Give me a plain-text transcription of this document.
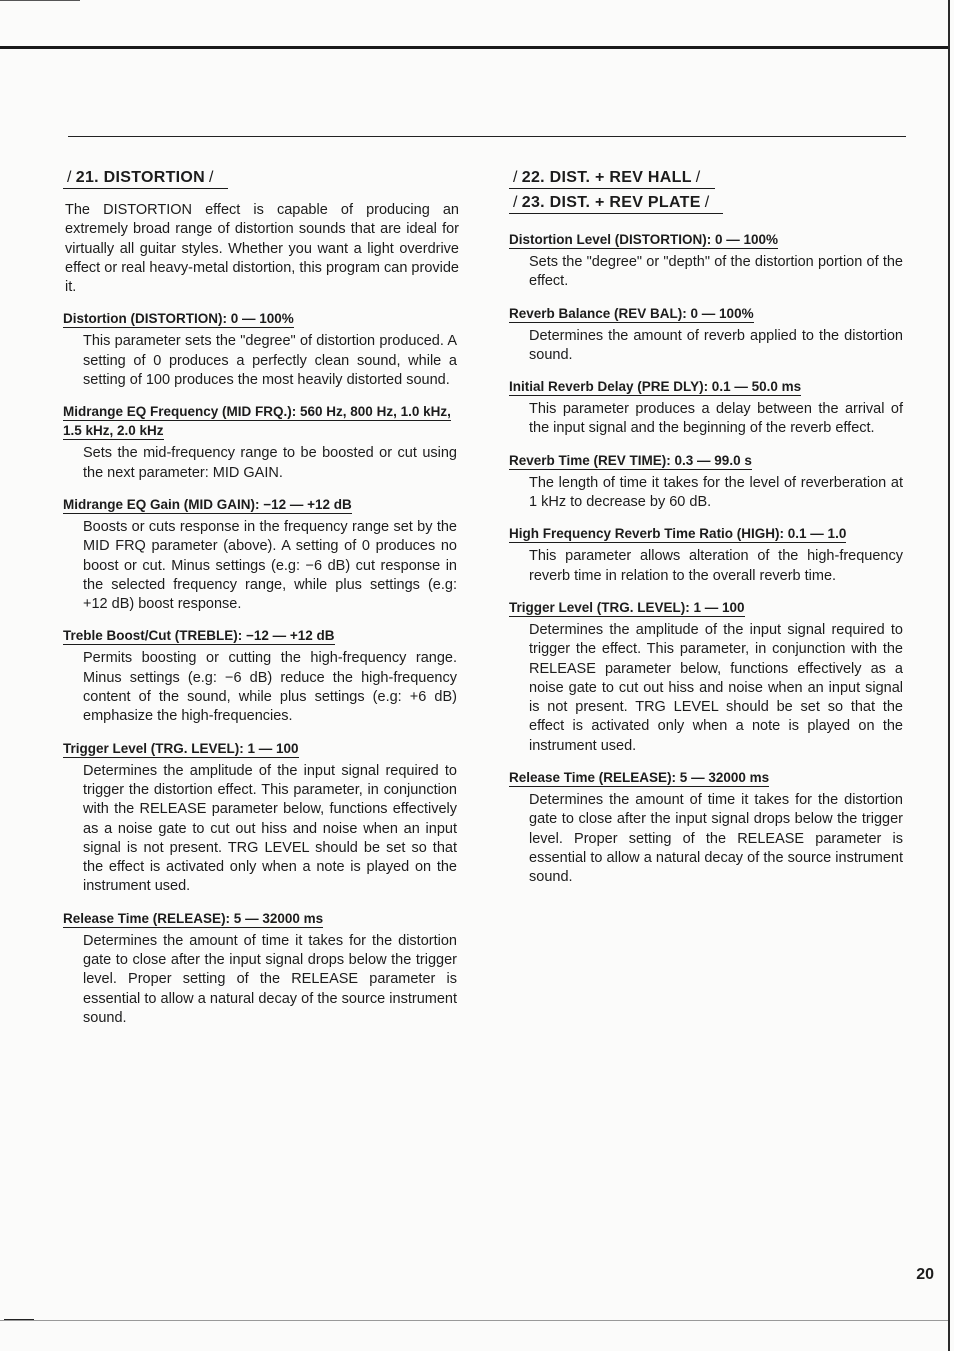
/ 21. DISTORTION /
The DISTORTION effect is capable of producing an extremely broad range of distortion sounds that are ideal for virtually all guitar styles. Whether you want a light overdrive effect or real heavy-metal distortion, this program can provide it.
Distortion (DISTORTION): 0 — 100%
This parameter sets the "degree" of distortion produced. A setting of 0 produces a perfectly clean sound, while a setting of 100 produces the most heavily distorted sound.
Midrange EQ Frequency (MID FRQ.): 560 Hz, 800 Hz, 1.0 kHz, 1.5 kHz, 2.0 kHz
Sets the mid-frequency range to be boosted or cut using the next parameter: MID GAIN.
Midrange EQ Gain (MID GAIN): −12 — +12 dB
Boosts or cuts response in the frequency range set by the MID FRQ parameter (above). A setting of 0 produces no boost or cut. Minus settings (e.g: −6 dB) cut response in the selected frequency range, while plus settings (e.g: +12 dB) boost response.
Treble Boost/Cut (TREBLE): −12 — +12 dB
Permits boosting or cutting the high-frequency range. Minus settings (e.g: −6 dB) reduce the high-frequency content of the sound, while plus settings (e.g: +6 dB) emphasize the high-frequencies.
Trigger Level (TRG. LEVEL): 1 — 100
Determines the amplitude of the input signal required to trigger the distortion effect. This parameter, in conjunction with the RELEASE parameter below, functions effectively as a noise gate to cut out hiss and noise when an input signal is not present. TRG LEVEL should be set so that the effect is activated only when a note is played on the instrument used.
Release Time (RELEASE): 5 — 32000 ms
Determines the amount of time it takes for the distortion gate to close after the input signal drops below the trigger level. Proper setting of the RELEASE parameter is essential to allow a natural decay of the source instrument sound.
/ 22. DIST. + REV HALL /
/ 23. DIST. + REV PLATE /
Distortion Level (DISTORTION): 0 — 100%
Sets the "degree" or "depth" of the distortion portion of the effect.
Reverb Balance (REV BAL): 0 — 100%
Determines the amount of reverb applied to the distortion sound.
Initial Reverb Delay (PRE DLY): 0.1 — 50.0 ms
This parameter produces a delay between the arrival of the input signal and the beginning of the reverb effect.
Reverb Time (REV TIME): 0.3 — 99.0 s
The length of time it takes for the level of reverberation at 1 kHz to decrease by 60 dB.
High Frequency Reverb Time Ratio (HIGH): 0.1 — 1.0
This parameter allows alteration of the high-frequency reverb time in relation to the overall reverb time.
Trigger Level (TRG. LEVEL): 1 — 100
Determines the amplitude of the input signal required to trigger the effect. This parameter, in conjunction with the RELEASE parameter below, functions effectively as a noise gate to cut out hiss and noise when an input signal is not present. TRG LEVEL should be set so that the effect is activated only when a note is played on the instrument used.
Release Time (RELEASE): 5 — 32000 ms
Determines the amount of time it takes for the distortion gate to close after the input signal drops below the trigger level. Proper setting of the RELEASE parameter is essential to allow a natural decay of the source instrument sound.
20
